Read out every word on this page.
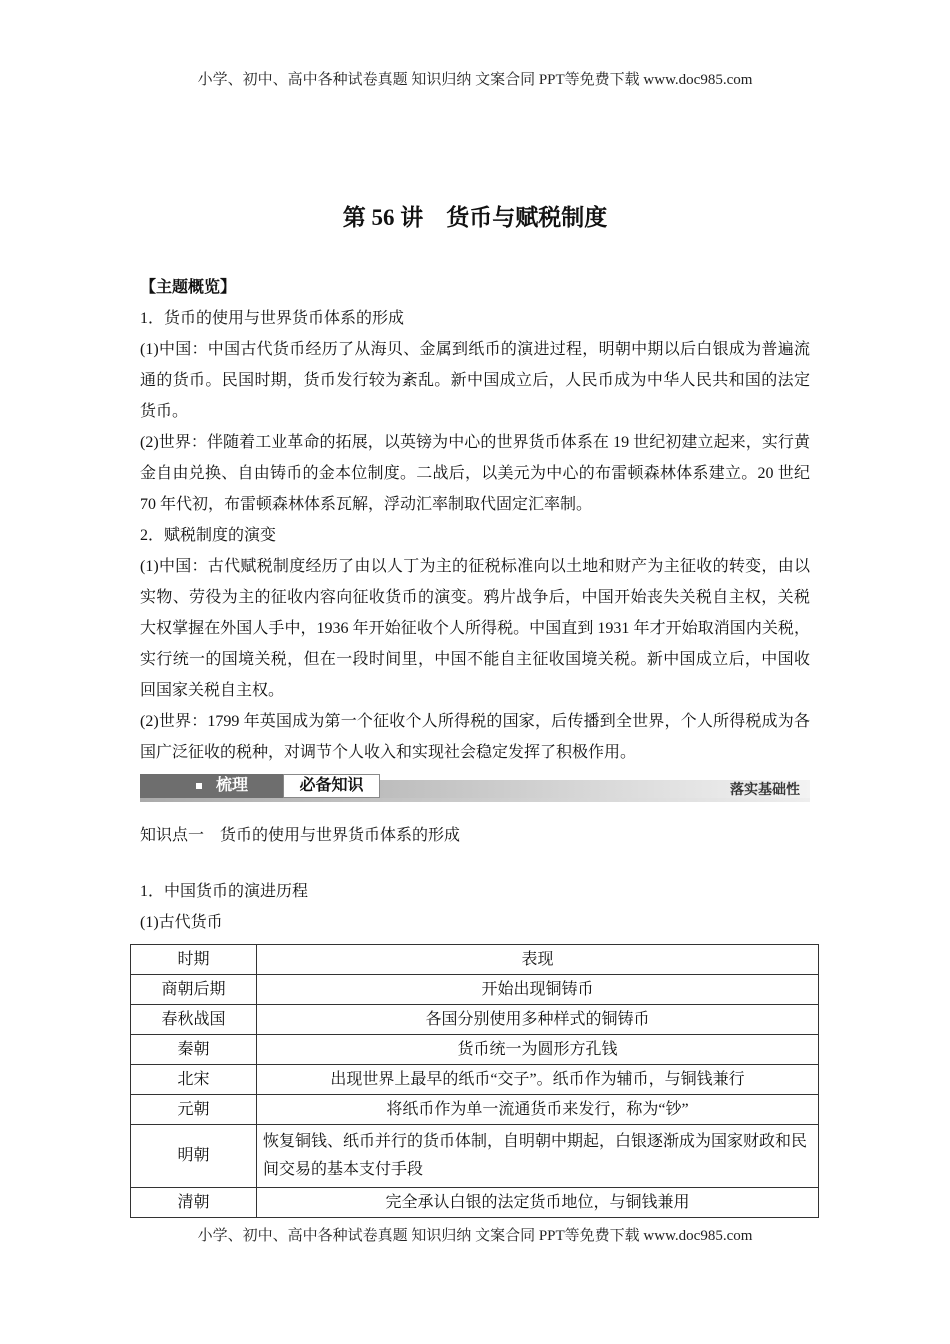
小学、初中、高中各种试卷真题 知识归纳 文案合同 PPT等免费下载 www.doc985.com
第 56 讲　货币与赋税制度
【主题概览】
1．货币的使用与世界货币体系的形成
(1)中国：中国古代货币经历了从海贝、金属到纸币的演进过程，明朝中期以后白银成为普遍流通的货币。民国时期，货币发行较为紊乱。新中国成立后，人民币成为中华人民共和国的法定货币。
(2)世界：伴随着工业革命的拓展，以英镑为中心的世界货币体系在 19 世纪初建立起来，实行黄金自由兑换、自由铸币的金本位制度。二战后，以美元为中心的布雷顿森林体系建立。20 世纪 70 年代初，布雷顿森林体系瓦解，浮动汇率制取代固定汇率制。
2．赋税制度的演变
(1)中国：古代赋税制度经历了由以人丁为主的征税标准向以土地和财产为主征收的转变，由以实物、劳役为主的征收内容向征收货币的演变。鸦片战争后，中国开始丧失关税自主权，关税大权掌握在外国人手中，1936 年开始征收个人所得税。中国直到 1931 年才开始取消国内关税，实行统一的国境关税，但在一段时间里，中国不能自主征收国境关税。新中国成立后，中国收回国家关税自主权。
(2)世界：1799 年英国成为第一个征收个人所得税的国家，后传播到全世界，个人所得税成为各国广泛征收的税种，对调节个人收入和实现社会稳定发挥了积极作用。
梳理	必备知识	落实基础性
知识点一　货币的使用与世界货币体系的形成
1．中国货币的演进历程
(1)古代货币
时期	表现
商朝后期	开始出现铜铸币
春秋战国	各国分别使用多种样式的铜铸币
秦朝	货币统一为圆形方孔钱
北宋	出现世界上最早的纸币“交子”。纸币作为辅币，与铜钱兼行
元朝	将纸币作为单一流通货币来发行，称为“钞”
明朝	恢复铜钱、纸币并行的货币体制，自明朝中期起，白银逐渐成为国家财政和民间交易的基本支付手段
清朝	完全承认白银的法定货币地位，与铜钱兼用
小学、初中、高中各种试卷真题 知识归纳 文案合同 PPT等免费下载 www.doc985.com
